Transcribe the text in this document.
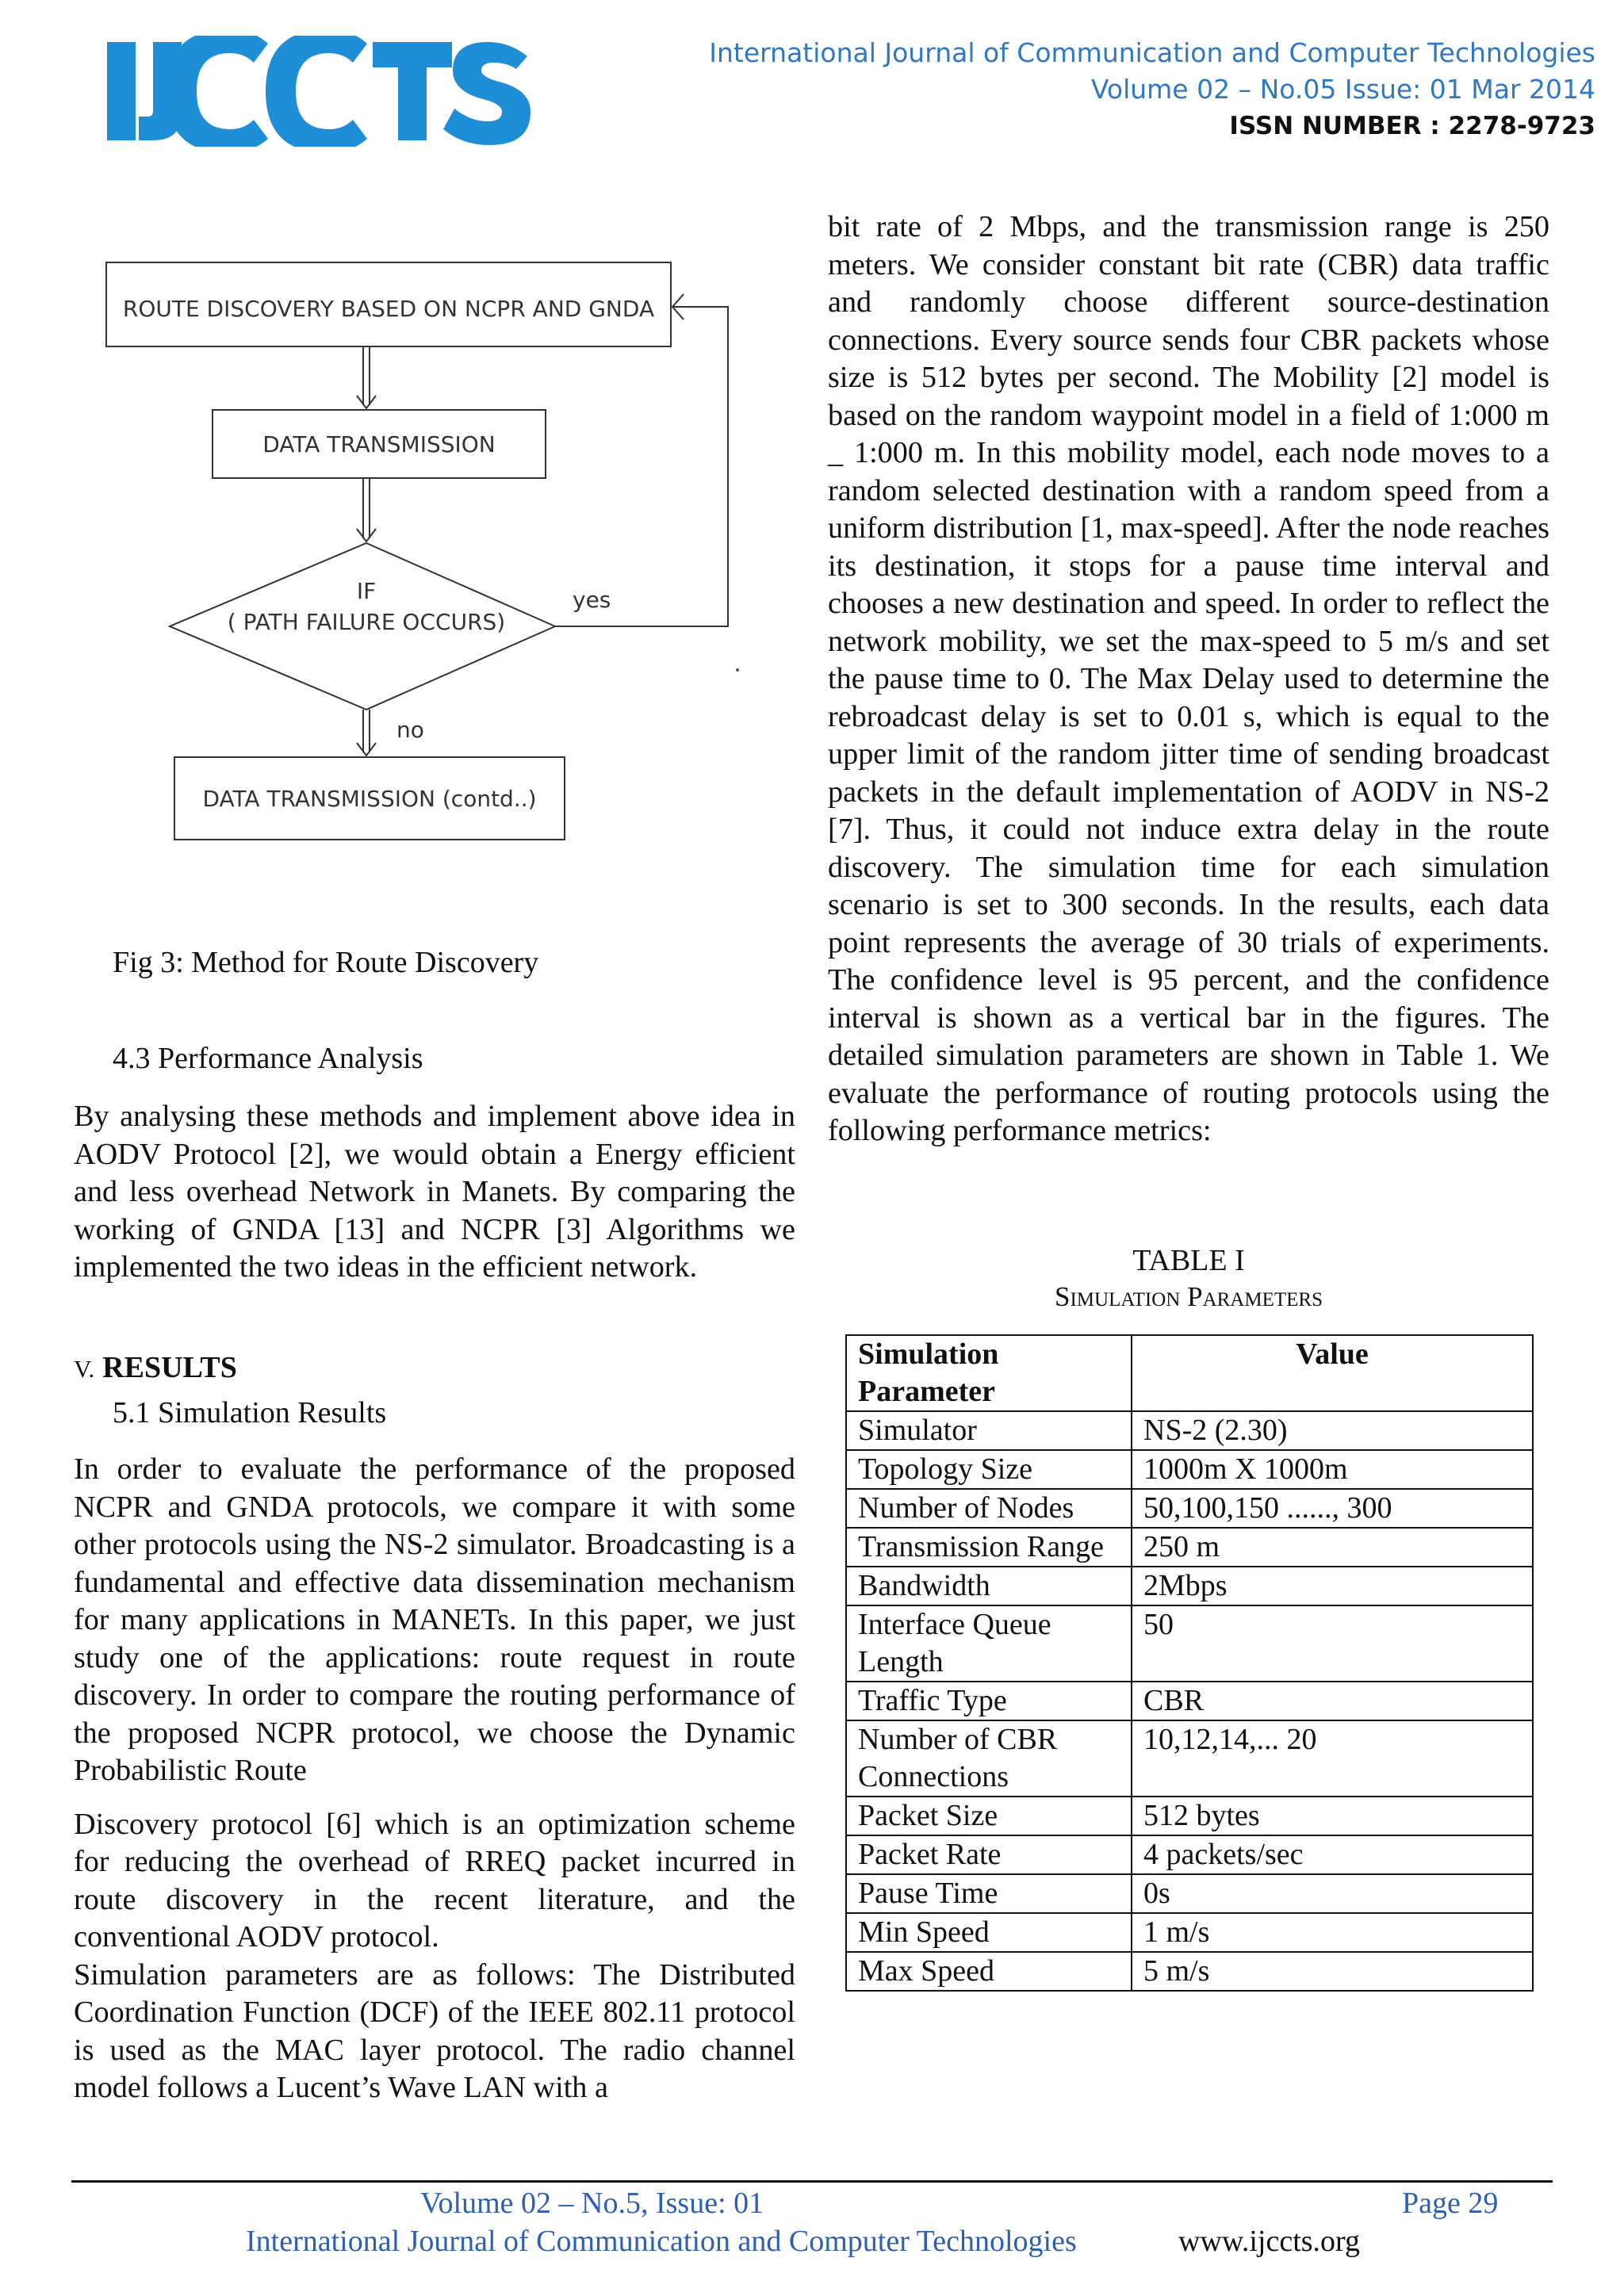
International Journal of Communication and Computer Technologies
Volume 02 – No.05 Issue: 01 Mar 2014
ISSN NUMBER : 2278-9723
ROUTE DISCOVERY BASED ON NCPR AND GNDA
DATA TRANSMISSION
IF
( PATH FAILURE OCCURS)
yes
no
DATA TRANSMISSION (contd..)
Fig 3: Method for Route Discovery
4.3 Performance Analysis

By analysing these methods and implement above idea in AODV Protocol [2], we would obtain a Energy efficient and less overhead Network in Manets. By comparing the working of GNDA [13] and NCPR [3] Algorithms we implemented the two ideas in the efficient network.

V. RESULTS
5.1 Simulation Results

In order to evaluate the performance of the proposed NCPR and GNDA protocols, we compare it with some other protocols using the NS-2 simulator. Broadcasting is a fundamental and effective data dissemination mechanism for many applications in MANETs. In this paper, we just study one of the applications: route request in route discovery. In order to compare the routing performance of the proposed NCPR protocol, we choose the Dynamic Probabilistic Route

Discovery protocol [6] which is an optimization scheme for reducing the overhead of RREQ packet incurred in route discovery in the recent literature, and the conventional AODV protocol.

Simulation parameters are as follows: The Distributed Coordination Function (DCF) of the IEEE 802.11 protocol is used as the MAC layer protocol. The radio channel model follows a Lucent’s Wave LAN with a

bit rate of 2 Mbps, and the transmission range is 250 meters. We consider constant bit rate (CBR) data traffic and randomly choose different source-destination connections. Every source sends four CBR packets whose size is 512 bytes per second. The Mobility [2] model is based on the random waypoint model in a field of 1:000 m _ 1:000 m. In this mobility model, each node moves to a random selected destination with a random speed from a uniform distribution [1, max-speed]. After the node reaches its destination, it stops for a pause time interval and chooses a new destination and speed. In order to reflect the network mobility, we set the max-speed to 5 m/s and set the pause time to 0. The Max Delay used to determine the rebroadcast delay is set to 0.01 s, which is equal to the upper limit of the random jitter time of sending broadcast packets in the default implementation of AODV in NS-2 [7]. Thus, it could not induce extra delay in the route discovery. The simulation time for each simulation scenario is set to 300 seconds. In the results, each data point represents the average of 30 trials of experiments. The confidence level is 95 percent, and the confidence interval is shown as a vertical bar in the figures. The detailed simulation parameters are shown in Table 1. We evaluate the performance of routing protocols using the following performance metrics:

TABLE I
Simulation Parameters
Simulation Parameter	Value
Simulator	NS-2 (2.30)
Topology Size	1000m X 1000m
Number of Nodes	50,100,150 ......, 300
Transmission Range	250 m
Bandwidth	2Mbps
Interface Queue Length	50
Traffic Type	CBR
Number of CBR Connections	10,12,14,... 20
Packet Size	512 bytes
Packet Rate	4 packets/sec
Pause Time	0s
Min Speed	1 m/s
Max Speed	5 m/s
Volume 02 – No.5, Issue: 01	Page 29
International Journal of Communication and Computer Technologies	www.ijccts.org
